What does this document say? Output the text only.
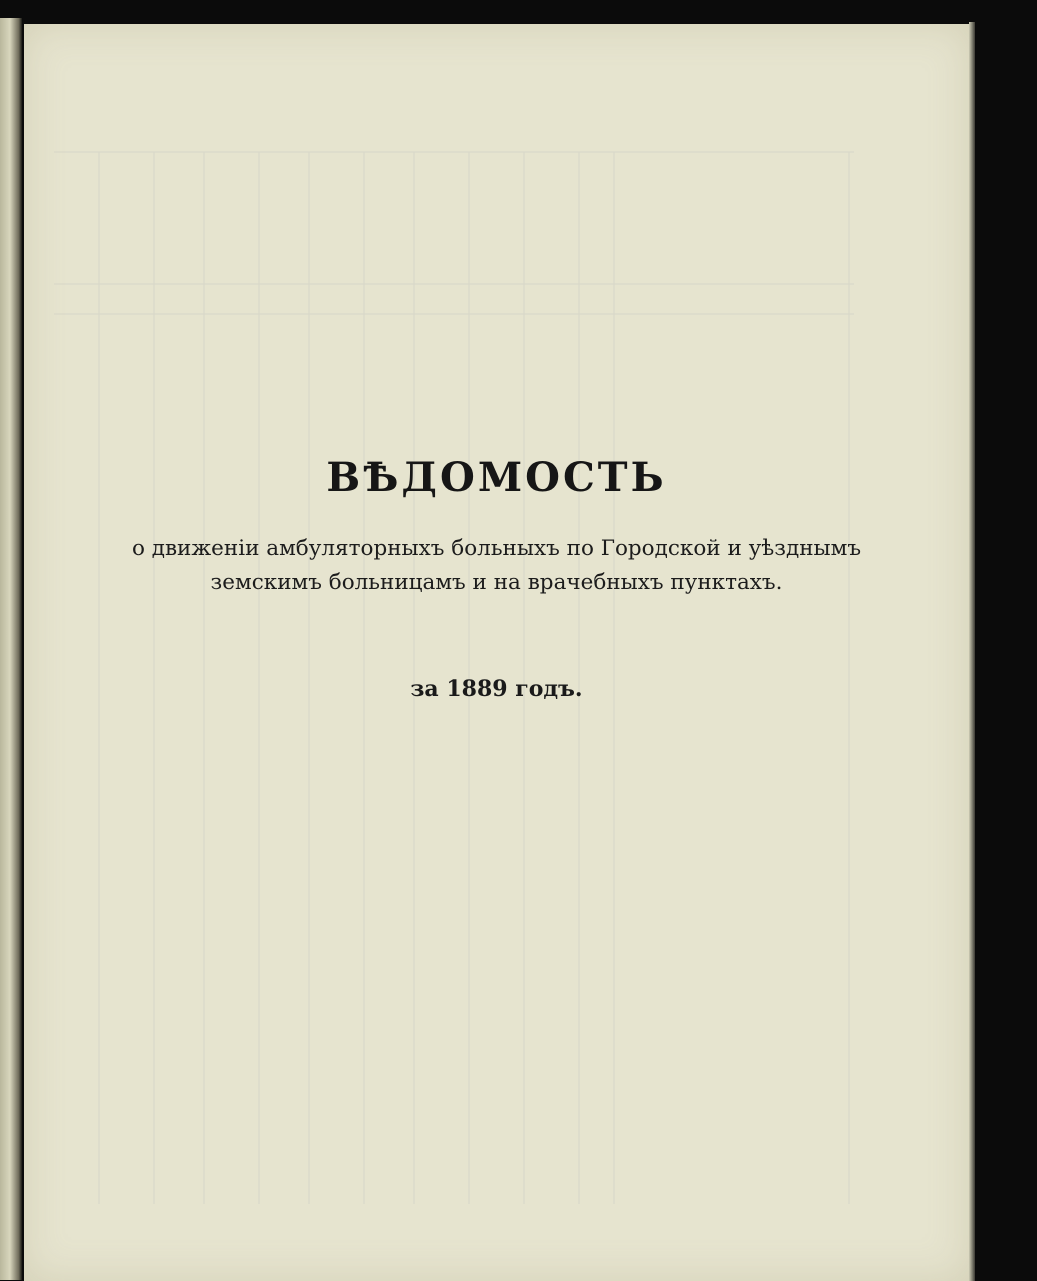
ВѢДОМОСТЬ
о движенiи амбуляторныхъ больныхъ по Городской и уѣзднымъ
земскимъ больницамъ и на врачебныхъ пунктахъ.
за 1889 годъ.
